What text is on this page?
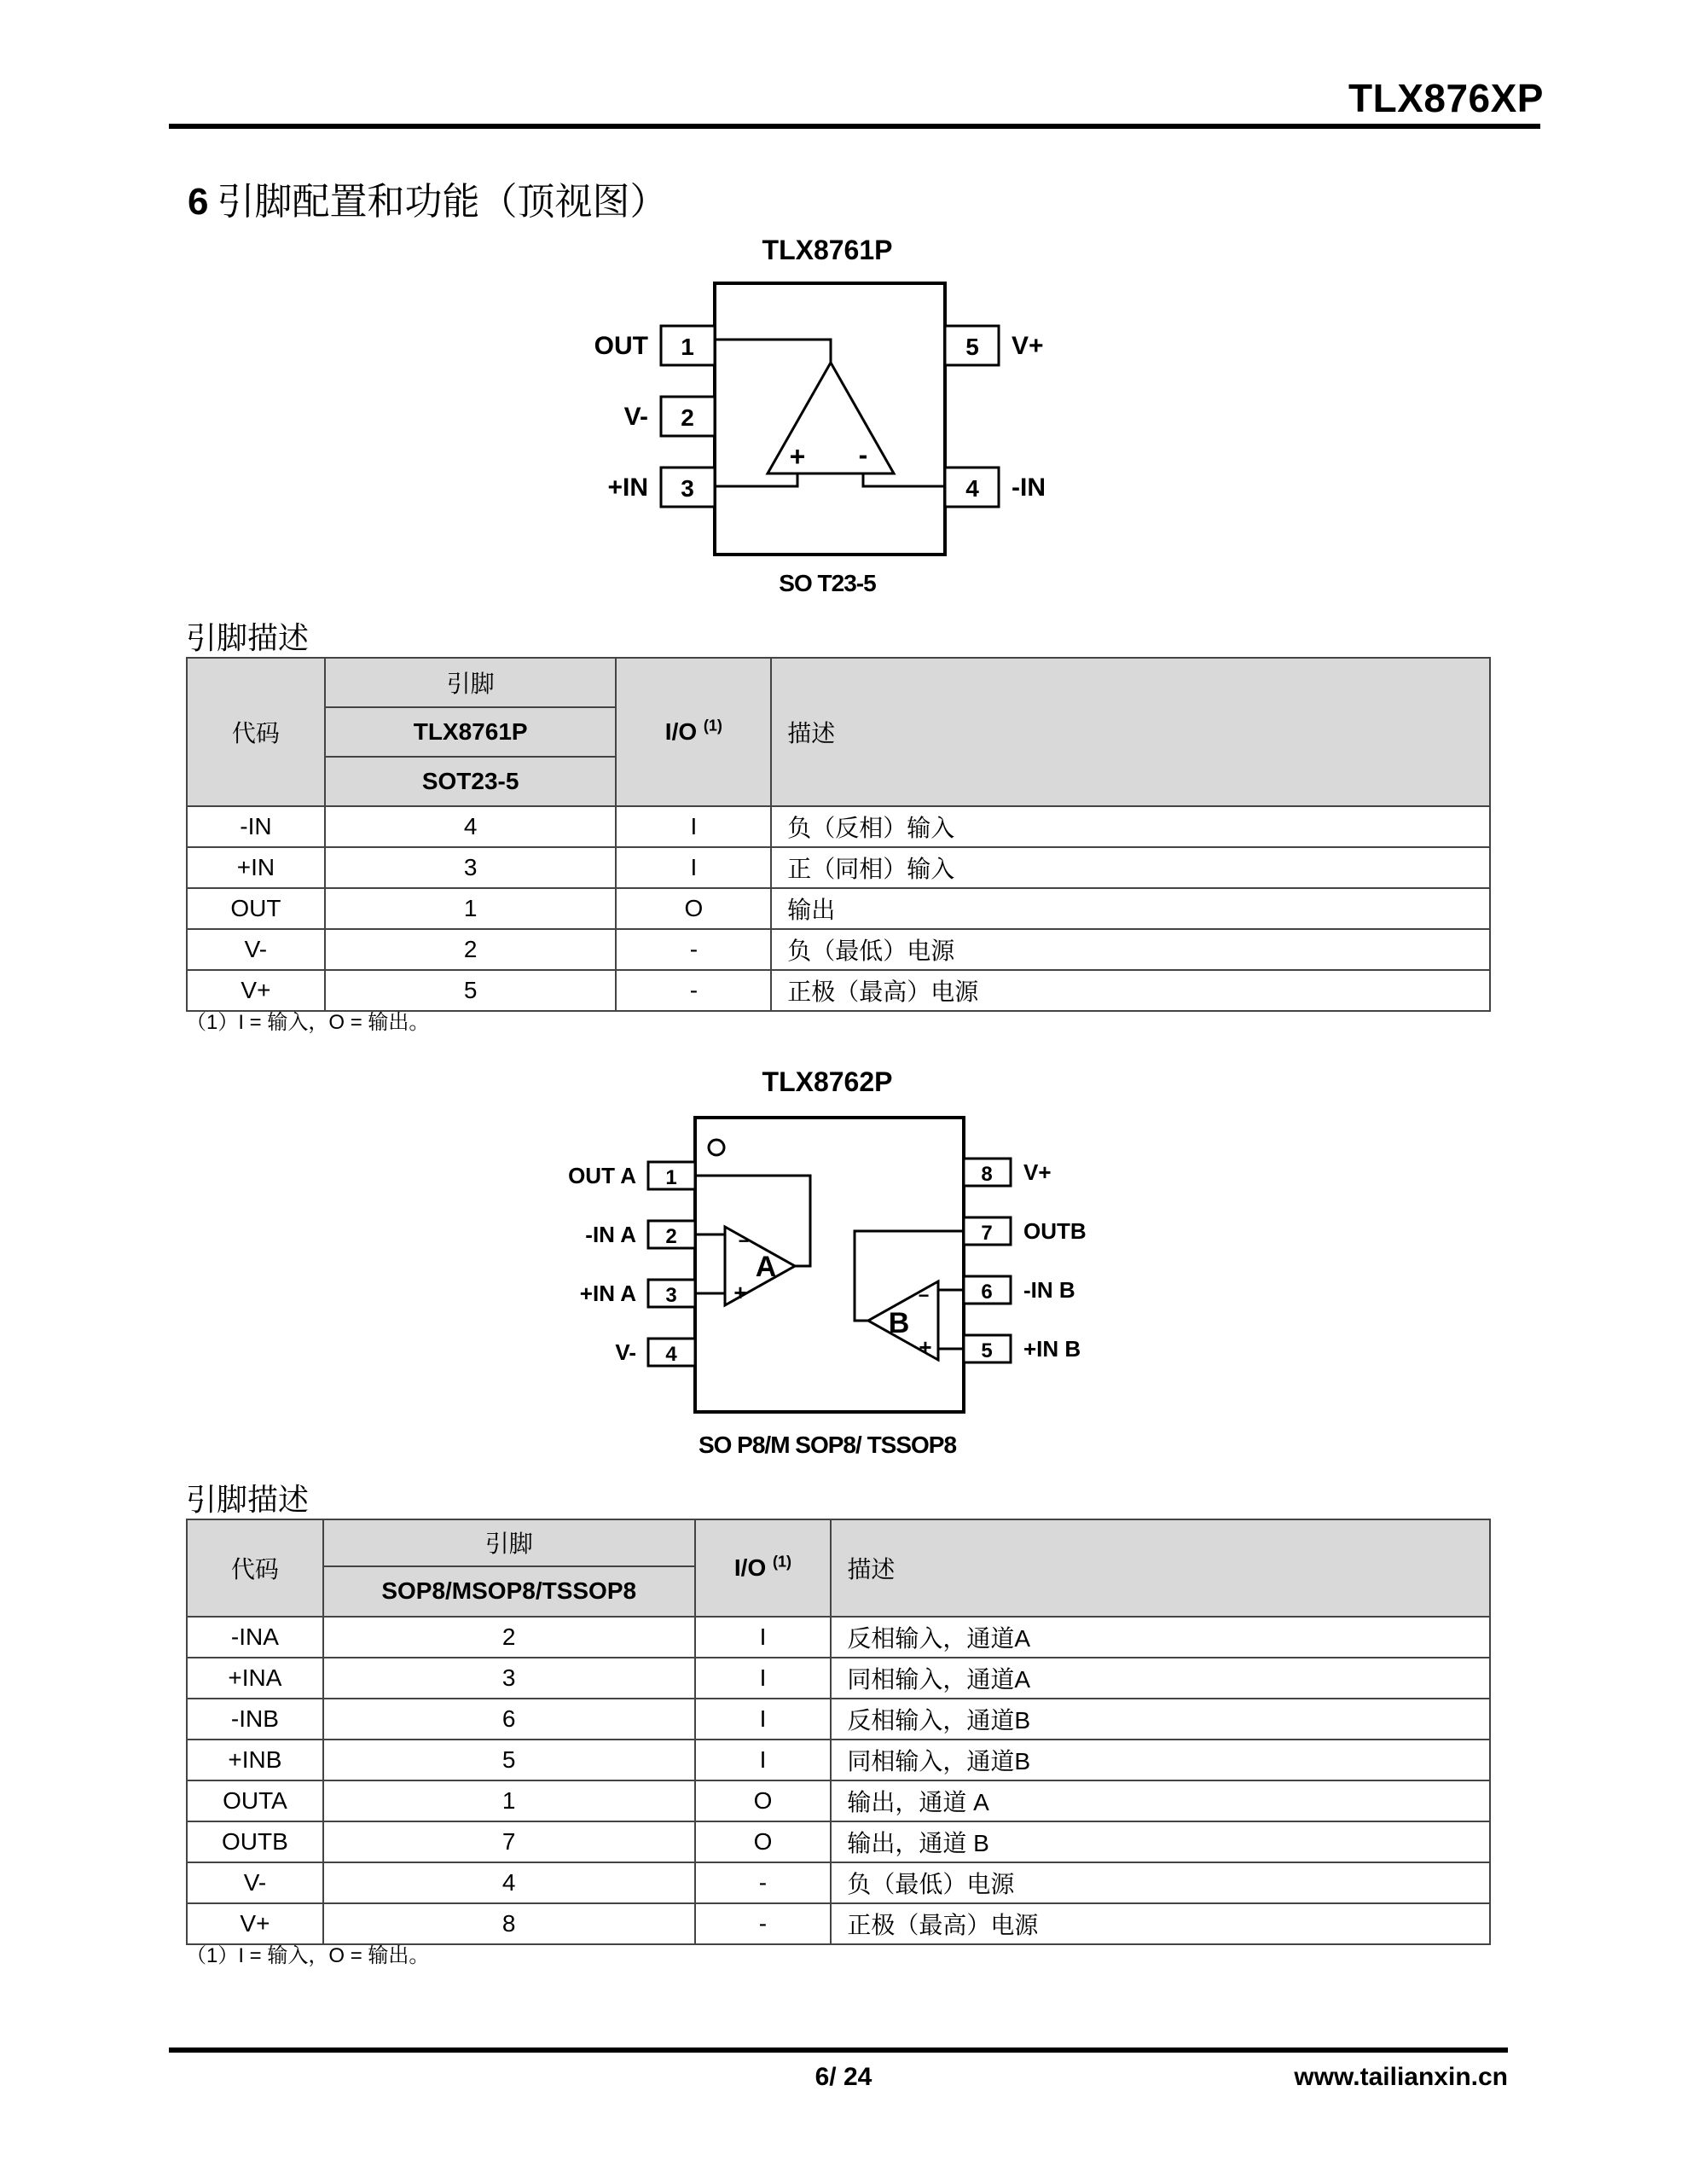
TLX876XP
6 引脚配置和功能（顶视图）
TLX8761P
1
2
3
5
4
OUT
V-
+IN
V+
-IN
+ -
SO T23-5
引脚描述
代码	引脚	I/O $^{(1)}$	描述
	TLX8761P		
	SOT23-5		
-IN	4	I	负（反相）输入
+IN	3	I	正（同相）输入
OUT	1	O	输出
V-	2	-	负（最低）电源
V+	5	-	正极（最高）电源
（1）I = 输入，O = 输出。
TLX8762P
1
2
3
4
8
7
6
5
OUT A
-IN A
+IN A
V-
V+
OUTB
-IN B
+IN B
A
−
+
B
−
+
SO P8/M SOP8/ TSSOP8
引脚描述
代码	引脚	I/O $^{(1)}$	描述
	SOP8/MSOP8/TSSOP8		
-INA	2	I	反相输入，通道A
+INA	3	I	同相输入，通道A
-INB	6	I	反相输入，通道B
+INB	5	I	同相输入，通道B
OUTA	1	O	输出，通道 A
OUTB	7	O	输出，通道 B
V-	4	-	负（最低）电源
V+	8	-	正极（最高）电源
（1）I = 输入，O = 输出。
6/ 24	www.tailianxin.cn
